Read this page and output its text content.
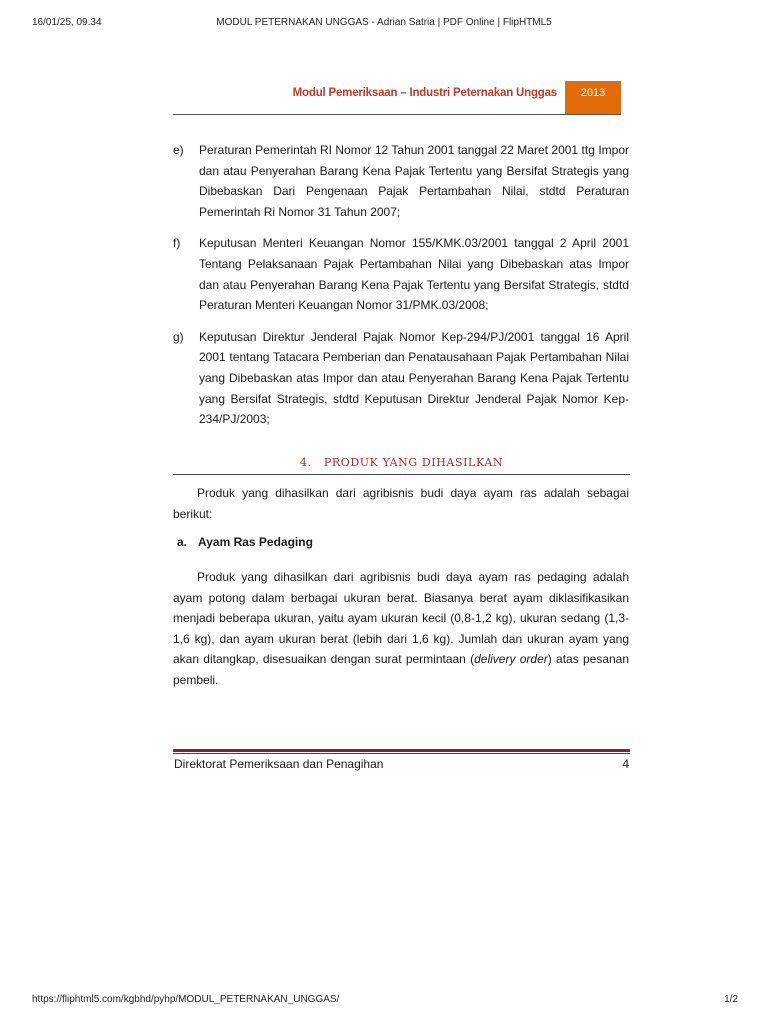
16/01/25, 09.34	MODUL PETERNAKAN UNGGAS - Adrian Satria | PDF Online | FlipHTML5
Modul Pemeriksaan – Industri Peternakan Unggas	2013
e)	Peraturan Pemerintah RI Nomor 12 Tahun 2001 tanggal 22 Maret 2001 ttg Impor dan atau Penyerahan Barang Kena Pajak Tertentu yang Bersifat Strategis yang Dibebaskan Dari Pengenaan Pajak Pertambahan Nilai, stdtd Peraturan Pemerintah Ri Nomor 31 Tahun 2007;
f)	Keputusan Menteri Keuangan Nomor 155/KMK.03/2001 tanggal 2 April 2001 Tentang Pelaksanaan Pajak Pertambahan Nilai yang Dibebaskan atas Impor dan atau Penyerahan Barang Kena Pajak Tertentu yang Bersifat Strategis, stdtd Peraturan Menteri Keuangan Nomor 31/PMK.03/2008;
g)	Keputusan Direktur Jenderal Pajak Nomor Kep-294/PJ/2001 tanggal 16 April 2001 tentang Tatacara Pemberian dan Penatausahaan Pajak Pertambahan Nilai yang Dibebaskan atas Impor dan atau Penyerahan Barang Kena Pajak Tertentu yang Bersifat Strategis, stdtd Keputusan Direktur Jenderal Pajak Nomor Kep-234/PJ/2003;
4.   PRODUK YANG DIHASILKAN
Produk yang dihasilkan dari agribisnis budi daya ayam ras adalah sebagai berikut:
a. Ayam Ras Pedaging
Produk yang dihasilkan dari agribisnis budi daya ayam ras pedaging adalah ayam potong dalam berbagai ukuran berat. Biasanya berat ayam diklasifikasikan menjadi beberapa ukuran, yaitu ayam ukuran kecil (0,8-1,2 kg), ukuran sedang (1,3-1,6 kg), dan ayam ukuran berat (lebih dari 1,6 kg). Jumlah dan ukuran ayam yang akan ditangkap, disesuaikan dengan surat permintaan (delivery order) atas pesanan pembeli.
Direktorat Pemeriksaan dan Penagihan	4
https://fliphtml5.com/kgbhd/pyhp/MODUL_PETERNAKAN_UNGGAS/	1/2
